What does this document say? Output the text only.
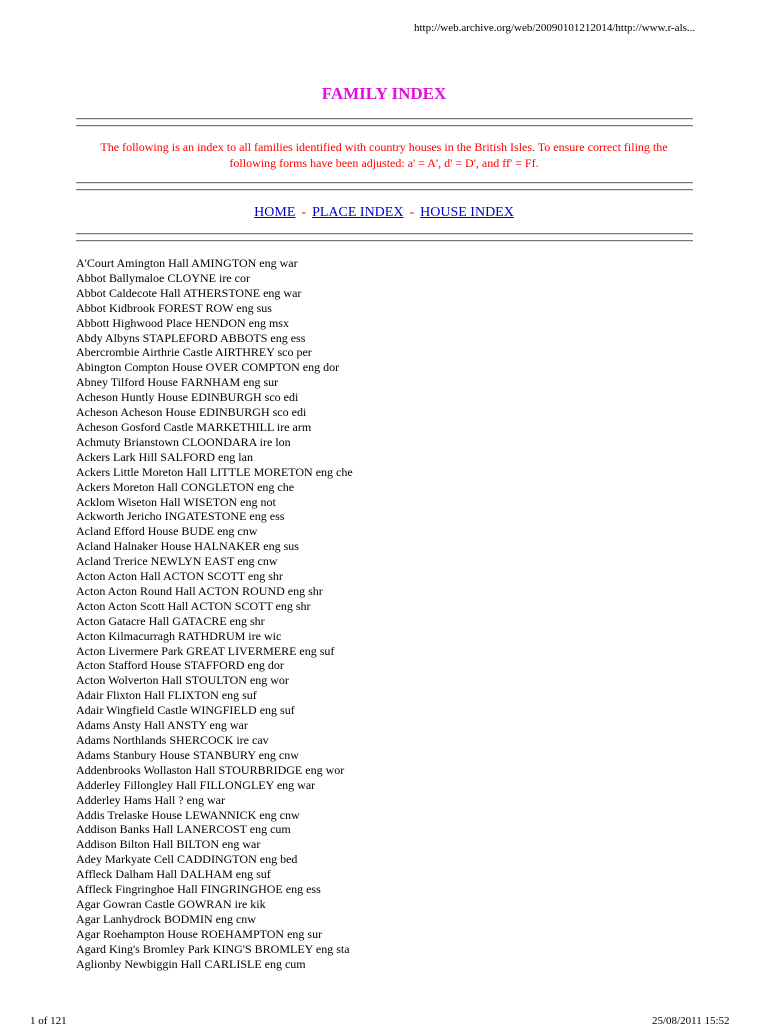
http://web.archive.org/web/20090101212014/http://www.r-als...
FAMILY INDEX
The following is an index to all families identified with country houses in the British Isles. To ensure correct filing the following forms have been adjusted: a' = A', d' = D', and ff' = Ff.
HOME - PLACE INDEX - HOUSE INDEX
A'Court Amington Hall AMINGTON eng war
Abbot Ballymaloe CLOYNE ire cor
Abbot Caldecote Hall ATHERSTONE eng war
Abbot Kidbrook FOREST ROW eng sus
Abbott Highwood Place HENDON eng msx
Abdy Albyns STAPLEFORD ABBOTS eng ess
Abercrombie Airthrie Castle AIRTHREY sco per
Abington Compton House OVER COMPTON eng dor
Abney Tilford House FARNHAM eng sur
Acheson Huntly House EDINBURGH sco edi
Acheson Acheson House EDINBURGH sco edi
Acheson Gosford Castle MARKETHILL ire arm
Achmuty Brianstown CLOONDARA ire lon
Ackers Lark Hill SALFORD eng lan
Ackers Little Moreton Hall LITTLE MORETON eng che
Ackers Moreton Hall CONGLETON eng che
Acklom Wiseton Hall WISETON eng not
Ackworth Jericho INGATESTONE eng ess
Acland Efford House BUDE eng cnw
Acland Halnaker House HALNAKER eng sus
Acland Trerice NEWLYN EAST eng cnw
Acton Acton Hall ACTON SCOTT eng shr
Acton Acton Round Hall ACTON ROUND eng shr
Acton Acton Scott Hall ACTON SCOTT eng shr
Acton Gatacre Hall GATACRE eng shr
Acton Kilmacurragh RATHDRUM ire wic
Acton Livermere Park GREAT LIVERMERE eng suf
Acton Stafford House STAFFORD eng dor
Acton Wolverton Hall STOULTON eng wor
Adair Flixton Hall FLIXTON eng suf
Adair Wingfield Castle WINGFIELD eng suf
Adams Ansty Hall ANSTY eng war
Adams Northlands SHERCOCK ire cav
Adams Stanbury House STANBURY eng cnw
Addenbrooks Wollaston Hall STOURBRIDGE eng wor
Adderley Fillongley Hall FILLONGLEY eng war
Adderley Hams Hall ? eng war
Addis Trelaske House LEWANNICK eng cnw
Addison Banks Hall LANERCOST eng cum
Addison Bilton Hall BILTON eng war
Adey Markyate Cell CADDINGTON eng bed
Affleck Dalham Hall DALHAM eng suf
Affleck Fingringhoe Hall FINGRINGHOE eng ess
Agar Gowran Castle GOWRAN ire kik
Agar Lanhydrock BODMIN eng cnw
Agar Roehampton House ROEHAMPTON eng sur
Agard King's Bromley Park KING'S BROMLEY eng sta
Aglionby Newbiggin Hall CARLISLE eng cum
1 of 121	25/08/2011 15:52
